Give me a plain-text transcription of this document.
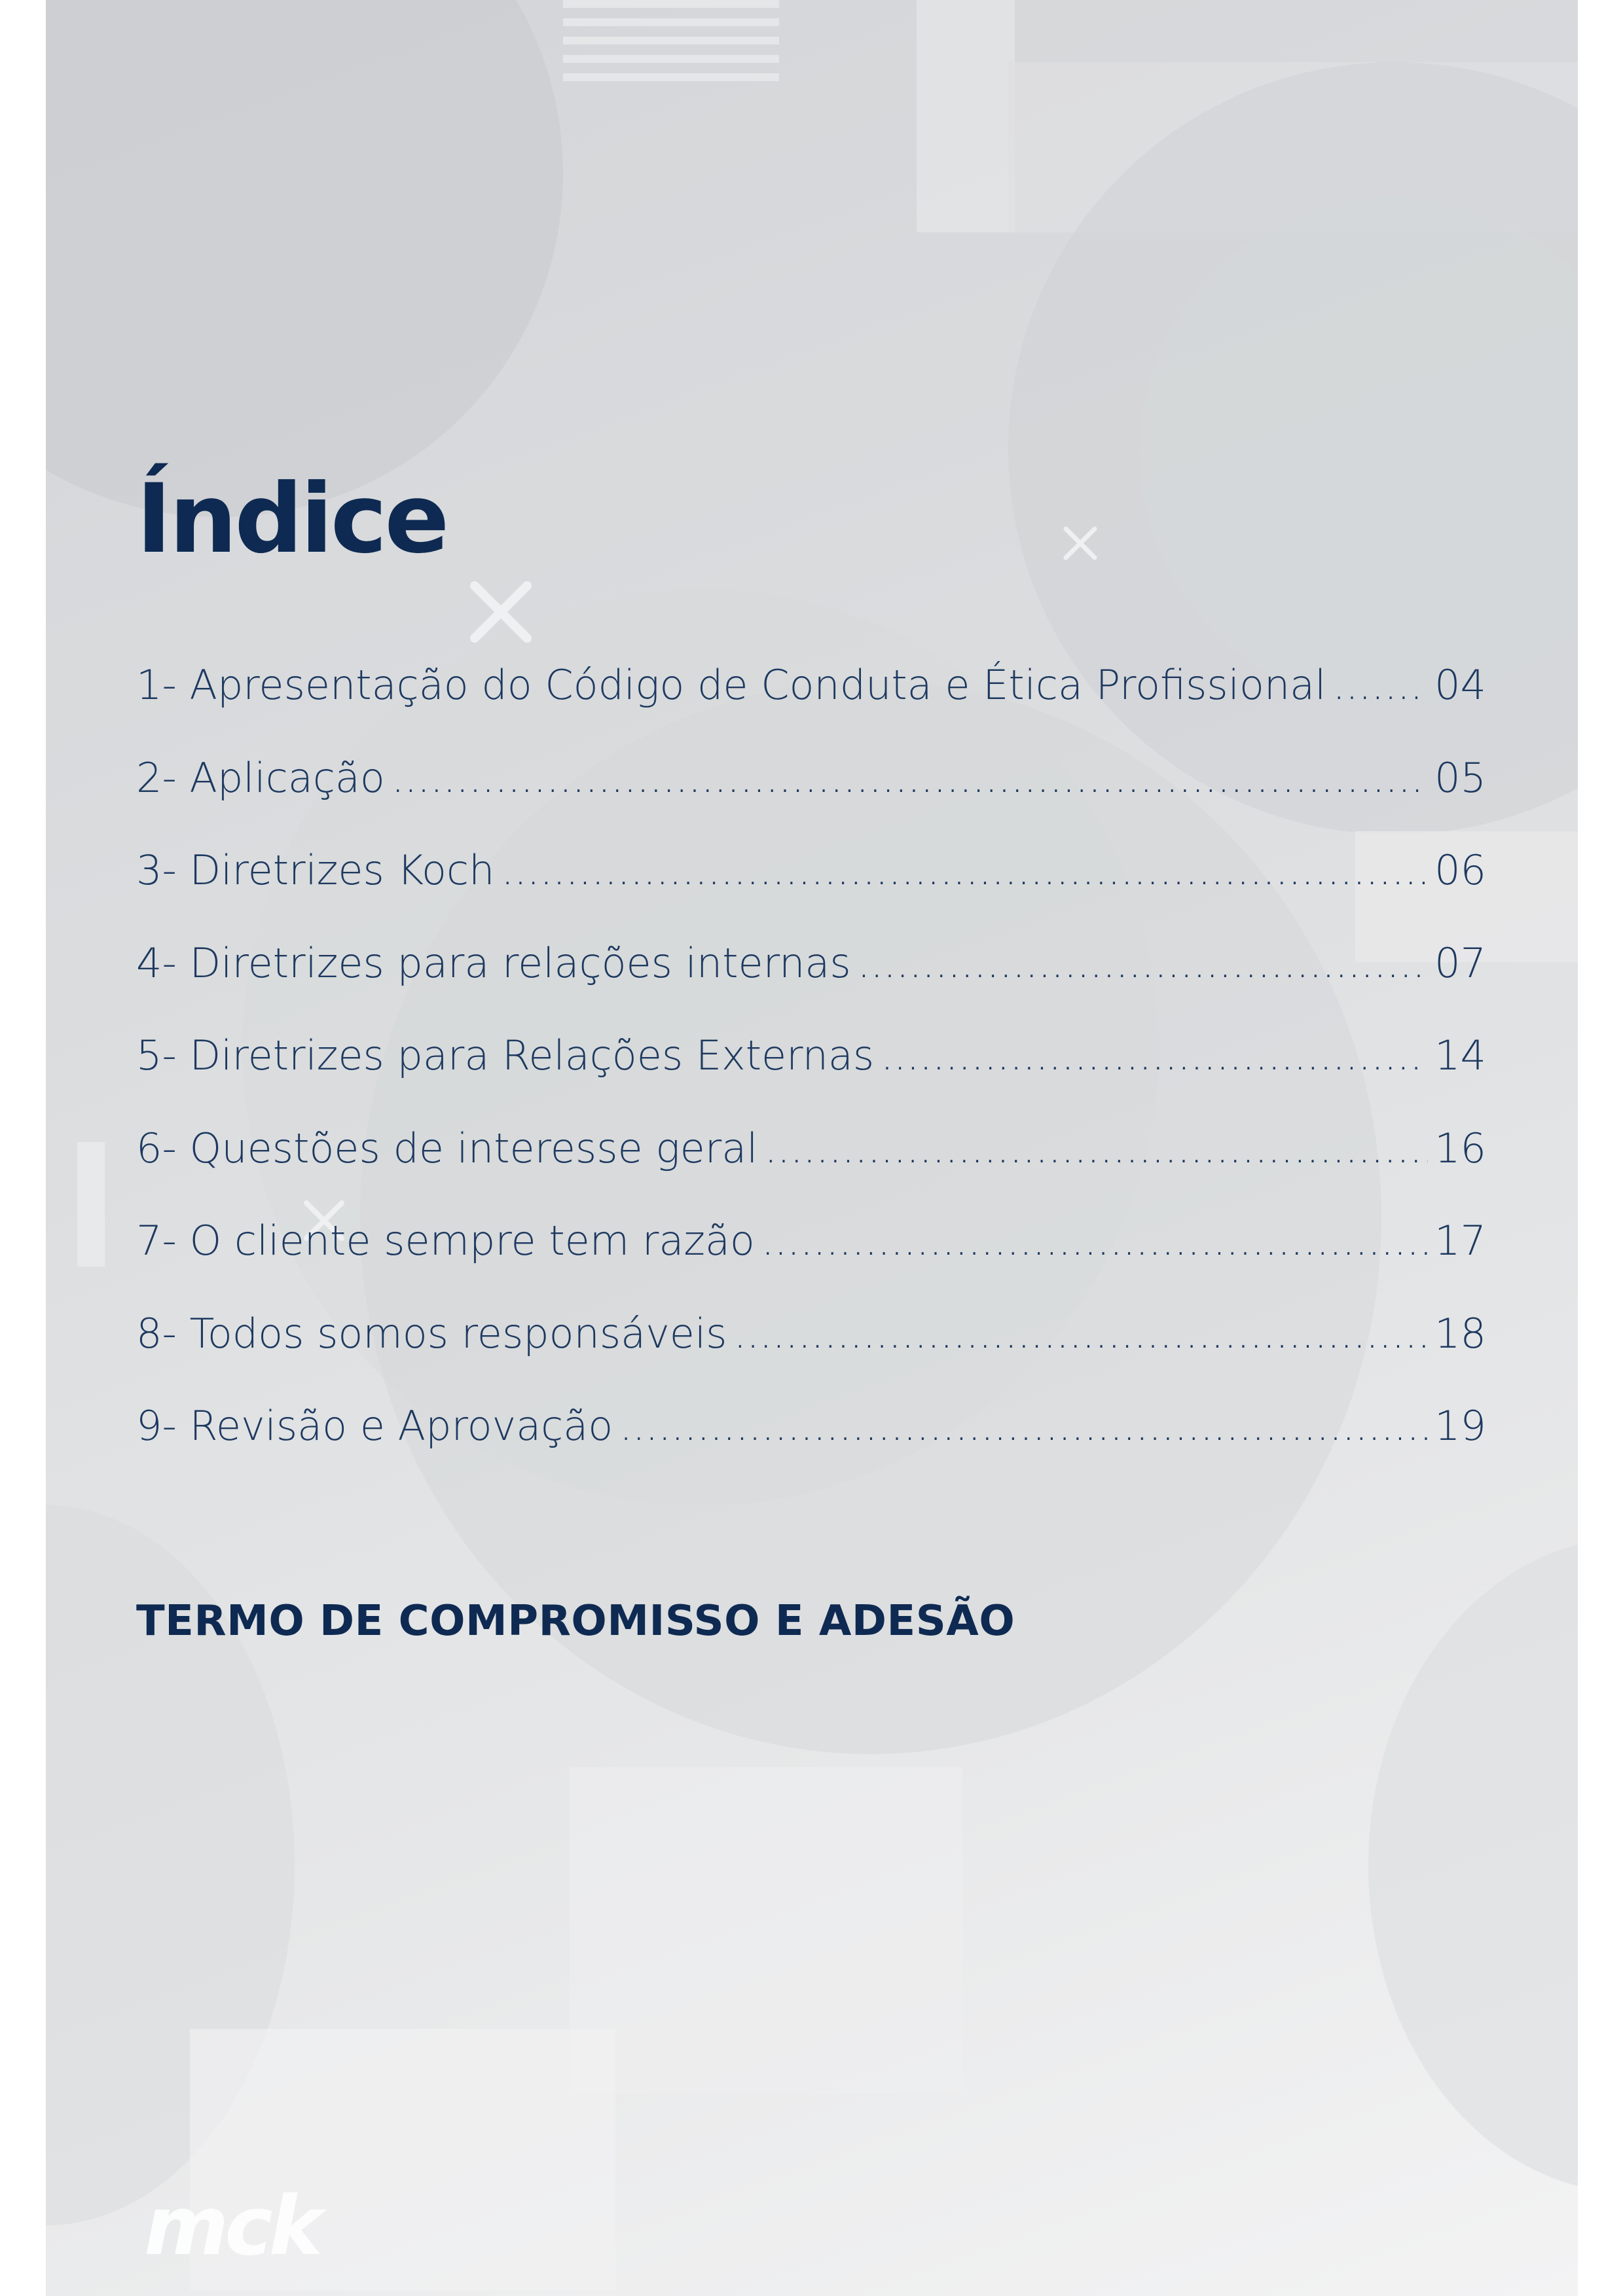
Índice
1- Apresentação do Código de Conduta e Ética Profissional .....	04
2- Aplicação .....	05
3- Diretrizes Koch .....	06
4- Diretrizes para relações internas .....	07
5- Diretrizes para Relações Externas .....	14
6- Questões de interesse geral .....	16
7- O cliente sempre tem razão .....	17
8- Todos somos responsáveis .....	18
9- Revisão e Aprovação .....	19
TERMO DE COMPROMISSO E ADESÃO
mck
